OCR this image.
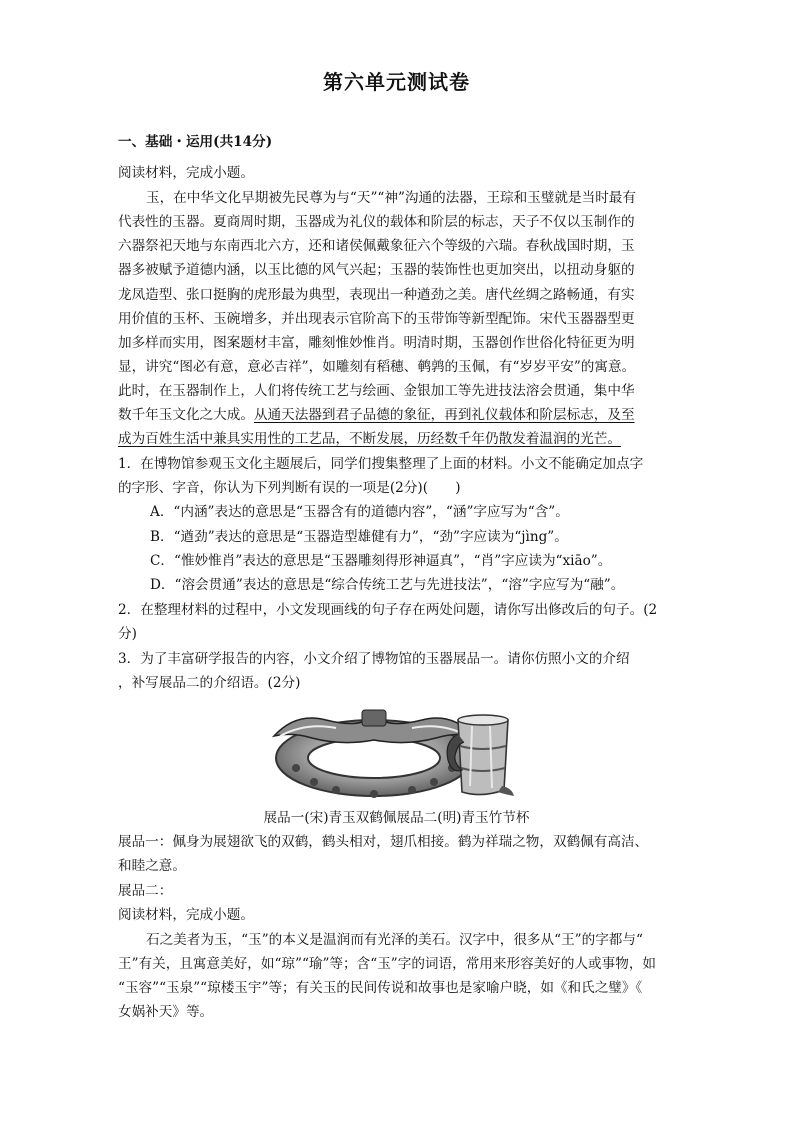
第六单元测试卷
一、基础・运用(共14分)
阅读材料，完成小题。
玉，在中华文化早期被先民尊为与“天”“神”沟通的法器，王琮和玉璧就是当时最有
代表性的玉器。夏商周时期，玉器成为礼仪的载体和阶层的标志，天子不仅以玉制作的
六器祭祀天地与东南西北六方，还和诸侯佩戴象征六个等级的六瑞。春秋战国时期，玉
器多被赋予道德内涵，以玉比德的风气兴起；玉器的装饰性也更加突出，以扭动身躯的
龙凤造型、张口挺胸的虎形最为典型，表现出一种遒劲之美。唐代丝绸之路畅通，有实
用价值的玉杯、玉碗增多，并出现表示官阶高下的玉带饰等新型配饰。宋代玉器器型更
加多样而实用，图案题材丰富，雕刻惟妙惟肖。明清时期，玉器创作世俗化特征更为明
显，讲究“图必有意，意必吉祥”，如雕刻有稻穗、鹌鹑的玉佩，有“岁岁平安”的寓意。
此时，在玉器制作上，人们将传统工艺与绘画、金银加工等先进技法溶会贯通，集中华
数千年玉文化之大成。从通天法器到君子品德的象征，再到礼仪载体和阶层标志，及至
成为百姓生活中兼具实用性的工艺品，不断发展，历经数千年仍散发着温润的光芒。
1．在博物馆参观玉文化主题展后，同学们搜集整理了上面的材料。小文不能确定加点字
的字形、字音，你认为下列判断有误的一项是(2分)(　　)
A．“内涵”表达的意思是“玉器含有的道德内容”，“涵”字应写为“含”。
B．“遒劲”表达的意思是“玉器造型雄健有力”，“劲”字应读为“jìng”。
C．“惟妙惟肖”表达的意思是“玉器雕刻得形神逼真”，“肖”字应读为“xiāo”。
D．“溶会贯通”表达的意思是“综合传统工艺与先进技法”，“溶”字应写为“融”。
2．在整理材料的过程中，小文发现画线的句子存在两处问题，请你写出修改后的句子。(2
分)
3．为了丰富研学报告的内容，小文介绍了博物馆的玉器展品一。请你仿照小文的介绍
，补写展品二的介绍语。(2分)
展品一(宋)青玉双鹤佩展品二(明)青玉竹节杯
展品一：佩身为展翅欲飞的双鹤，鹤头相对，翅爪相接。鹤为祥瑞之物，双鹤佩有高洁、
和睦之意。
展品二：
阅读材料，完成小题。
石之美者为玉，“玉”的本义是温润而有光泽的美石。汉字中，很多从“王”的字都与“
王”有关，且寓意美好，如“琼”“瑜”等；含“玉”字的词语，常用来形容美好的人或事物，如
“玉容”“玉泉”“琼楼玉宇”等；有关玉的民间传说和故事也是家喻户晓，如《和氏之璧》《
女娲补天》等。
